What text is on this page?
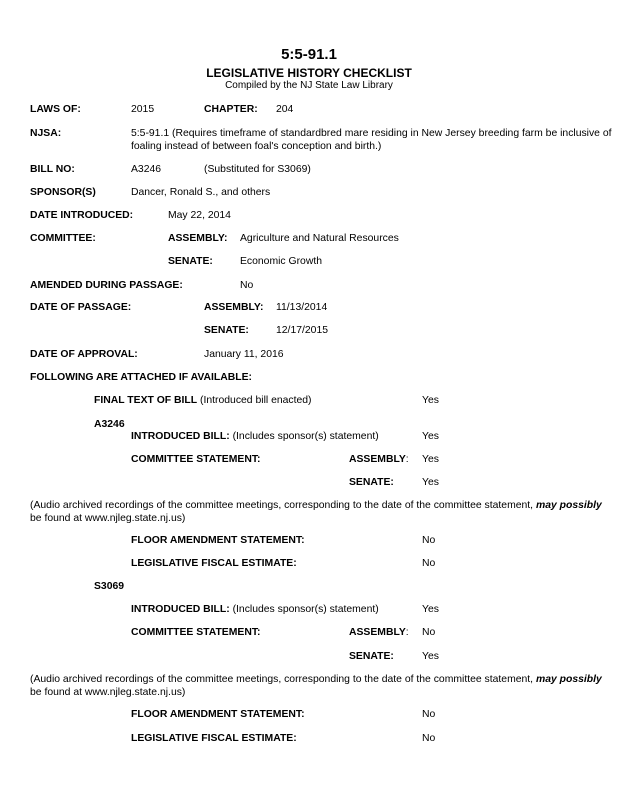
5:5-91.1
LEGISLATIVE HISTORY CHECKLIST
Compiled by the NJ State Law Library
LAWS OF:	2015	CHAPTER: 204
NJSA:	5:5-91.1 (Requires timeframe of standardbred mare residing in New Jersey breeding farm be inclusive of
foaling instead of between foal's conception and birth.)
BILL NO:	A3246	(Substituted for S3069)
SPONSOR(S)	Dancer, Ronald S., and others
DATE INTRODUCED:	May 22, 2014
COMMITTEE:	ASSEMBLY: Agriculture and Natural Resources
SENATE:	Economic Growth
AMENDED DURING PASSAGE:	No
DATE OF PASSAGE:	ASSEMBLY: 11/13/2014
SENATE:	12/17/2015
DATE OF APPROVAL:	January 11, 2016
FOLLOWING ARE ATTACHED IF AVAILABLE:
FINAL TEXT OF BILL (Introduced bill enacted)	Yes
A3246
INTRODUCED BILL: (Includes sponsor(s) statement)	Yes
COMMITTEE STATEMENT:	ASSEMBLY: Yes
SENATE:	Yes
(Audio archived recordings of the committee meetings, corresponding to the date of the committee statement, may possibly
be found at www.njleg.state.nj.us)
FLOOR AMENDMENT STATEMENT:	No
LEGISLATIVE FISCAL ESTIMATE:	No
S3069
INTRODUCED BILL: (Includes sponsor(s) statement)	Yes
COMMITTEE STATEMENT:	ASSEMBLY: No
SENATE:	Yes
(Audio archived recordings of the committee meetings, corresponding to the date of the committee statement, may possibly
be found at www.njleg.state.nj.us)
FLOOR AMENDMENT STATEMENT:	No
LEGISLATIVE FISCAL ESTIMATE:	No
